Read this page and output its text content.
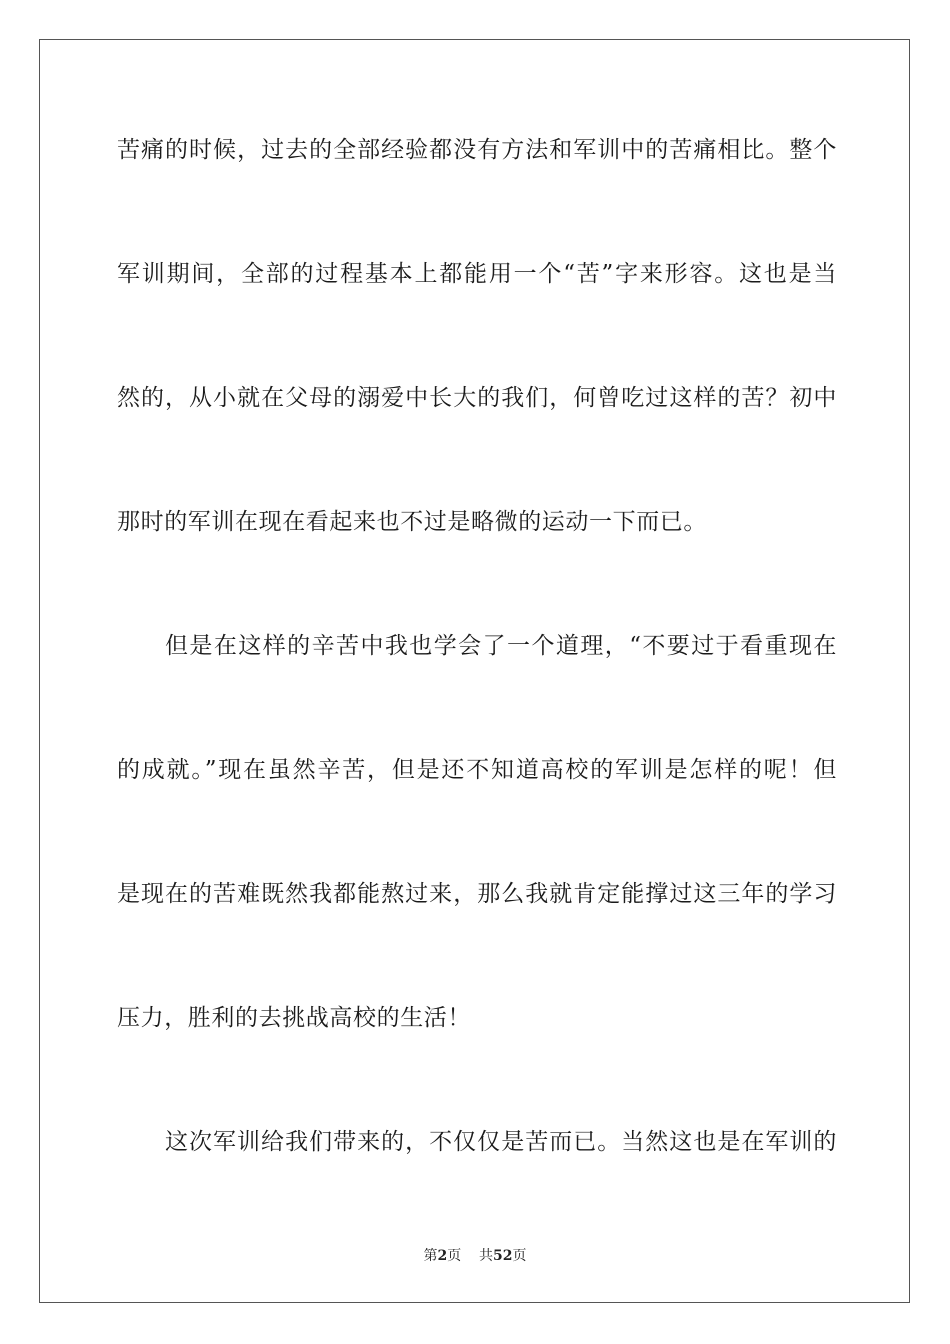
苦痛的时候，过去的全部经验都没有方法和军训中的苦痛相比。整个
军训期间，全部的过程基本上都能用一个“苦”字来形容。这也是当
然的，从小就在父母的溺爱中长大的我们，何曾吃过这样的苦？初中
那时的军训在现在看起来也不过是略微的运动一下而已。
但是在这样的辛苦中我也学会了一个道理，“不要过于看重现在
的成就。”现在虽然辛苦，但是还不知道高校的军训是怎样的呢！但
是现在的苦难既然我都能熬过来，那么我就肯定能撑过这三年的学习
压力，胜利的去挑战高校的生活！
这次军训给我们带来的，不仅仅是苦而已。当然这也是在军训的
第2页 共52页
